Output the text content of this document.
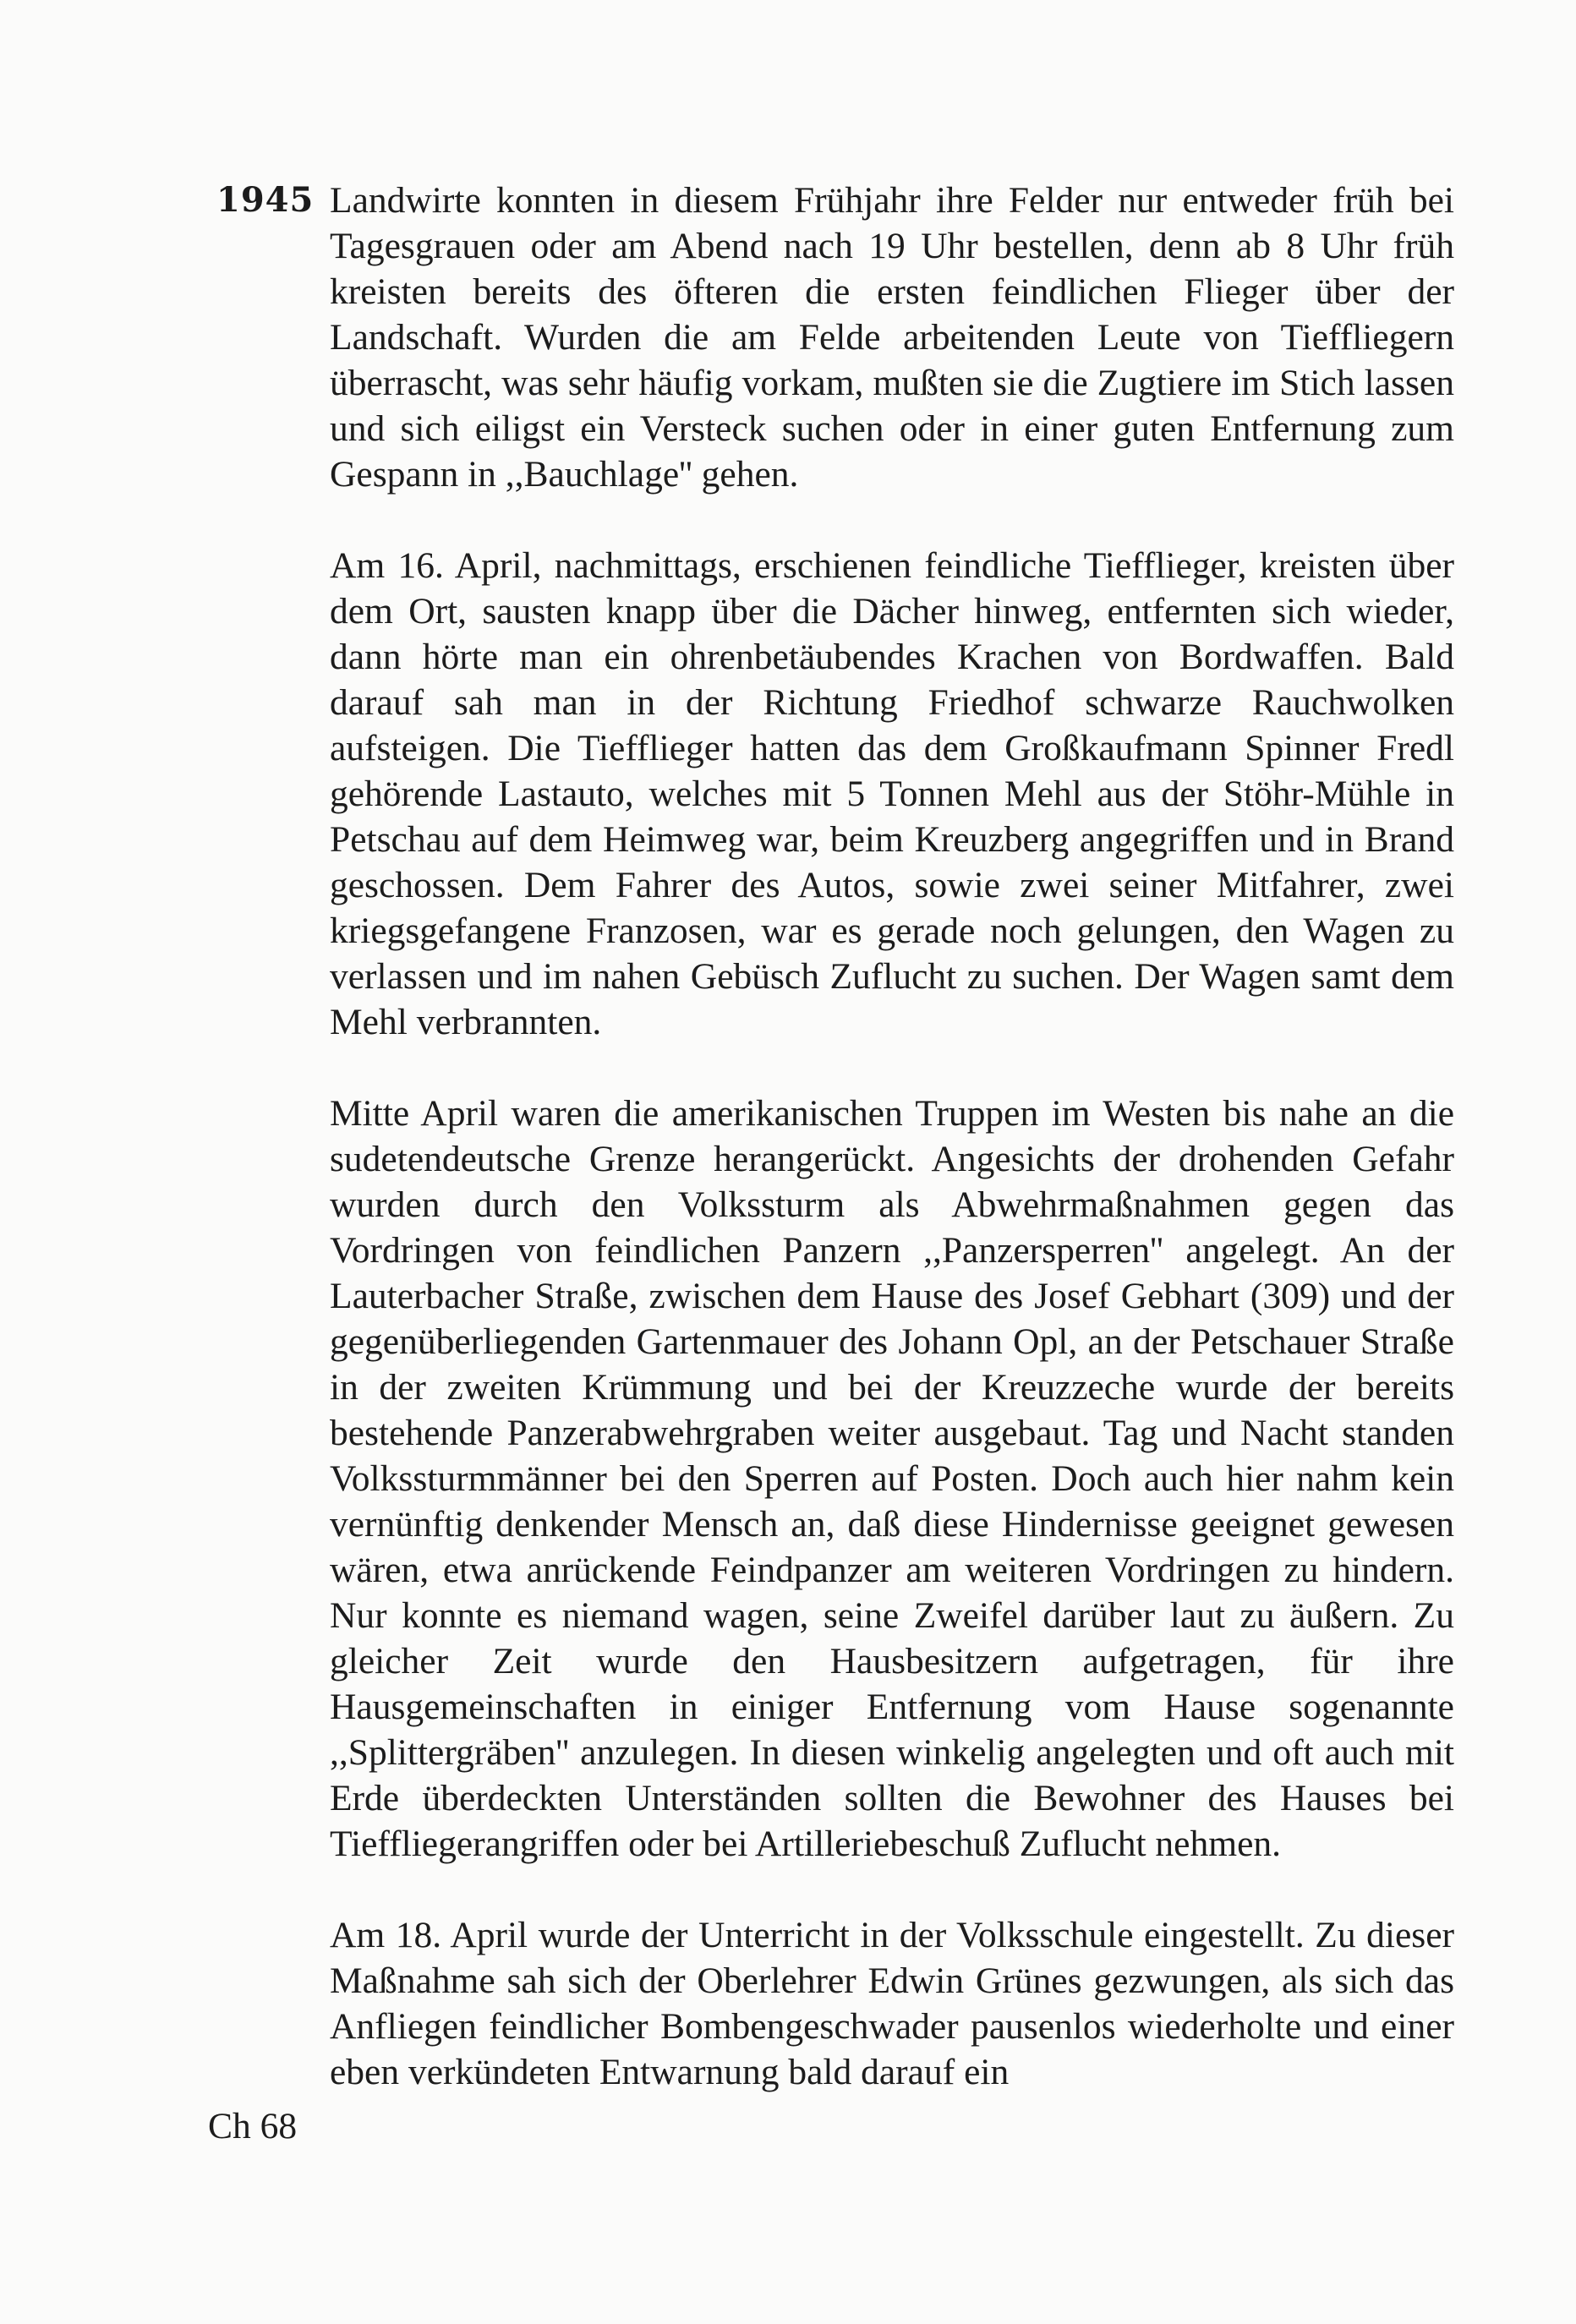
1945 Landwirte konnten in diesem Frühjahr ihre Felder nur entweder früh bei Tagesgrauen oder am Abend nach 19 Uhr bestellen, denn ab 8 Uhr früh kreisten bereits des öfteren die ersten feindlichen Flieger über der Landschaft. Wurden die am Felde arbeitenden Leute von Tieffliegern überrascht, was sehr häufig vorkam, mußten sie die Zugtiere im Stich lassen und sich eiligst ein Versteck suchen oder in einer guten Entfernung zum Gespann in ,,Bauchlage'' gehen.

Am 16. April, nachmittags, erschienen feindliche Tiefflieger, kreisten über dem Ort, sausten knapp über die Dächer hinweg, entfernten sich wieder, dann hörte man ein ohrenbetäubendes Krachen von Bordwaffen. Bald darauf sah man in der Richtung Friedhof schwarze Rauchwolken aufsteigen. Die Tiefflieger hatten das dem Großkaufmann Spinner Fredl gehörende Lastauto, welches mit 5 Tonnen Mehl aus der Stöhr-Mühle in Petschau auf dem Heimweg war, beim Kreuzberg angegriffen und in Brand geschossen. Dem Fahrer des Autos, sowie zwei seiner Mitfahrer, zwei kriegsgefangene Franzosen, war es gerade noch gelungen, den Wagen zu verlassen und im nahen Gebüsch Zuflucht zu suchen. Der Wagen samt dem Mehl verbrannten.

Mitte April waren die amerikanischen Truppen im Westen bis nahe an die sudetendeutsche Grenze herangerückt. Angesichts der drohenden Gefahr wurden durch den Volkssturm als Abwehrmaßnahmen gegen das Vordringen von feindlichen Panzern ,,Panzersperren'' angelegt. An der Lauterbacher Straße, zwischen dem Hause des Josef Gebhart (309) und der gegenüberliegenden Gartenmauer des Johann Opl, an der Petschauer Straße in der zweiten Krümmung und bei der Kreuzzeche wurde der bereits bestehende Panzerabwehrgraben weiter ausgebaut. Tag und Nacht standen Volkssturmmänner bei den Sperren auf Posten. Doch auch hier nahm kein vernünftig denkender Mensch an, daß diese Hindernisse geeignet gewesen wären, etwa anrückende Feindpanzer am weiteren Vordringen zu hindern. Nur konnte es niemand wagen, seine Zweifel darüber laut zu äußern. Zu gleicher Zeit wurde den Hausbesitzern aufgetragen, für ihre Hausgemeinschaften in einiger Entfernung vom Hause sogenannte ,,Splittergräben'' anzulegen. In diesen winkelig angelegten und oft auch mit Erde überdeckten Unterständen sollten die Bewohner des Hauses bei Tieffliegerangriffen oder bei Artilleriebeschuß Zuflucht nehmen.

Am 18. April wurde der Unterricht in der Volksschule eingestellt. Zu dieser Maßnahme sah sich der Oberlehrer Edwin Grünes gezwungen, als sich das Anfliegen feindlicher Bombengeschwader pausenlos wiederholte und einer eben verkündeten Entwarnung bald darauf ein

Ch 68
